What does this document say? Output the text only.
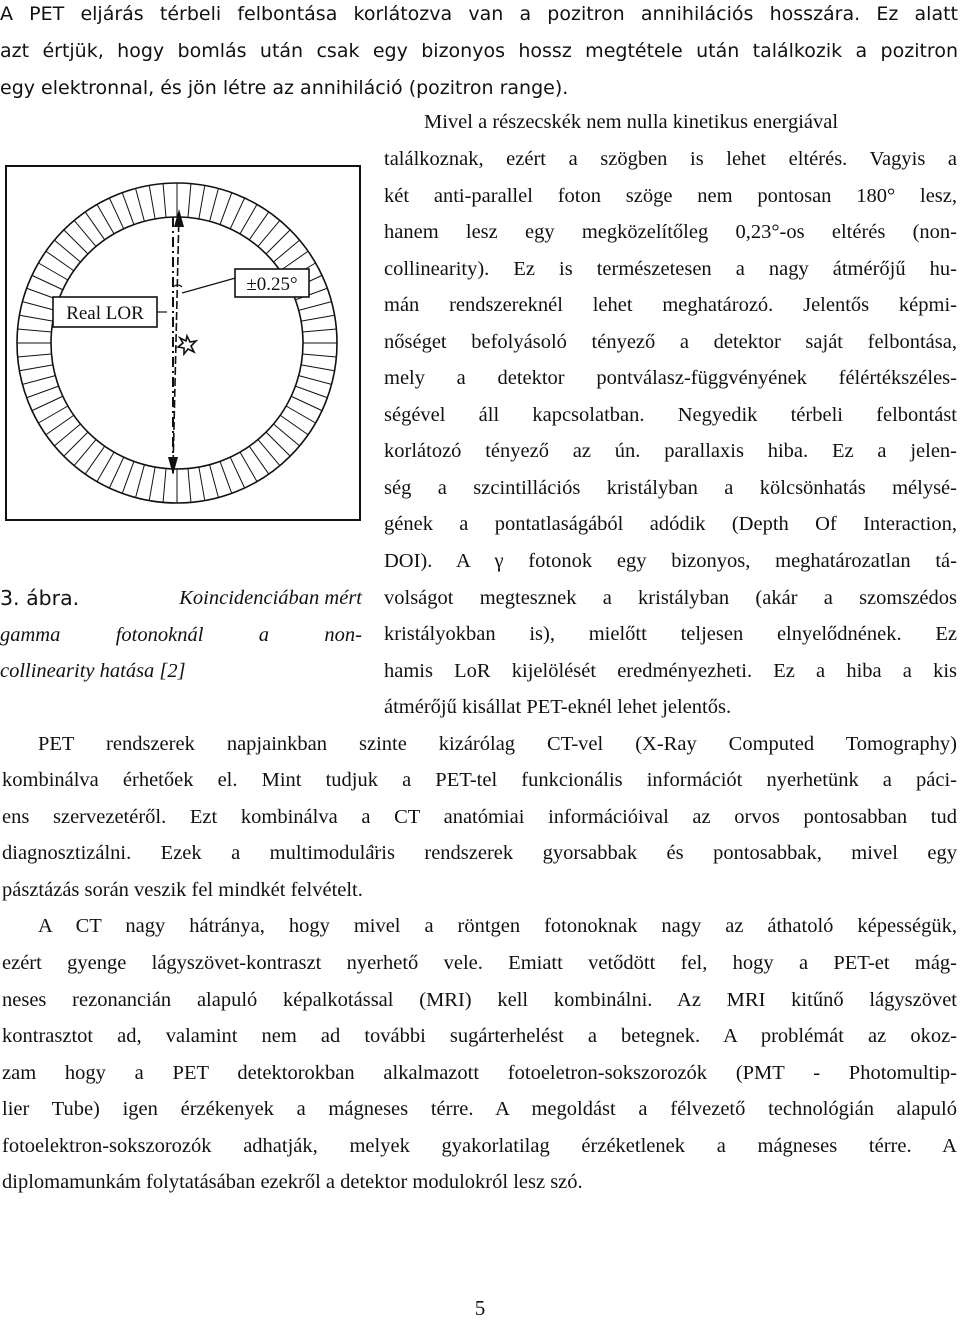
A PET eljárás térbeli felbontása korlátozva van a pozitron annihilációs hosszára. Ez alatt
azt értjük, hogy bomlás után csak egy bizonyos hossz megtétele után találkozik a pozitron
egy elektronnal, és jön létre az annihiláció (pozitron range).
Real LOR
±0.25°
3. ábra.	Koincidenciában mért
gamma fotonoknál a non-
collinearity hatása [2]
Mivel a részecskék nem nulla kinetikus energiával
találkoznak, ezért a szögben is lehet eltérés. Vagyis a
két anti-parallel foton szöge nem pontosan 180° lesz,
hanem lesz egy megközelítőleg 0,23°-os eltérés (non-
collinearity). Ez is természetesen a nagy átmérőjű hu-
mán rendszereknél lehet meghatározó. Jelentős képmi-
nőséget befolyásoló tényező a detektor saját felbontása,
mely a detektor pontválasz-függvényének félértékszéles-
ségével áll kapcsolatban. Negyedik térbeli felbontást
korlátozó tényező az ún. parallaxis hiba. Ez a jelen-
ség a szcintillációs kristályban a kölcsönhatás mélysé-
gének a pontatlaságából adódik (Depth Of Interaction,
DOI). A γ fotonok egy bizonyos, meghatározatlan tá-
volságot megtesznek a kristályban (akár a szomszédos
kristályokban is), mielőtt teljesen elnyelődnének. Ez
hamis LoR kijelölését eredményezheti. Ez a hiba a kis
átmérőjű kisállat PET-eknél lehet jelentős.
PET rendszerek napjainkban szinte kizárólag CT-vel (X-Ray Computed Tomography)
kombinálva érhetőek el. Mint tudjuk a PET-tel funkcionális információt nyerhetünk a páci-
ens szervezetéről. Ezt kombinálva a CT anatómiai információival az orvos pontosabban tud
diagnosztizálni. Ezek a multimodulá̈ris rendszerek gyorsabbak és pontosabbak, mivel egy
pásztázás során veszik fel mindkét felvételt.
A CT nagy hátránya, hogy mivel a röntgen fotonoknak nagy az áthatoló képességük,
ezért gyenge lágyszövet-kontraszt nyerhető vele. Emiatt vetődött fel, hogy a PET-et mág-
neses rezonancián alapuló képalkotással (MRI) kell kombinálni. Az MRI kitűnő lágyszövet
kontrasztot ad, valamint nem ad további sugárterhelést a betegnek. A problémát az okoz-
zam hogy a PET detektorokban alkalmazott fotoeletron-sokszorozók (PMT - Photomultip-
lier Tube) igen érzékenyek a mágneses térre. A megoldást a félvezető technológián alapuló
fotoelektron-sokszorozók adhatják, melyek gyakorlatilag érzéketlenek a mágneses térre. A
diplomamunkám folytatásában ezekről a detektor modulokról lesz szó.
5
